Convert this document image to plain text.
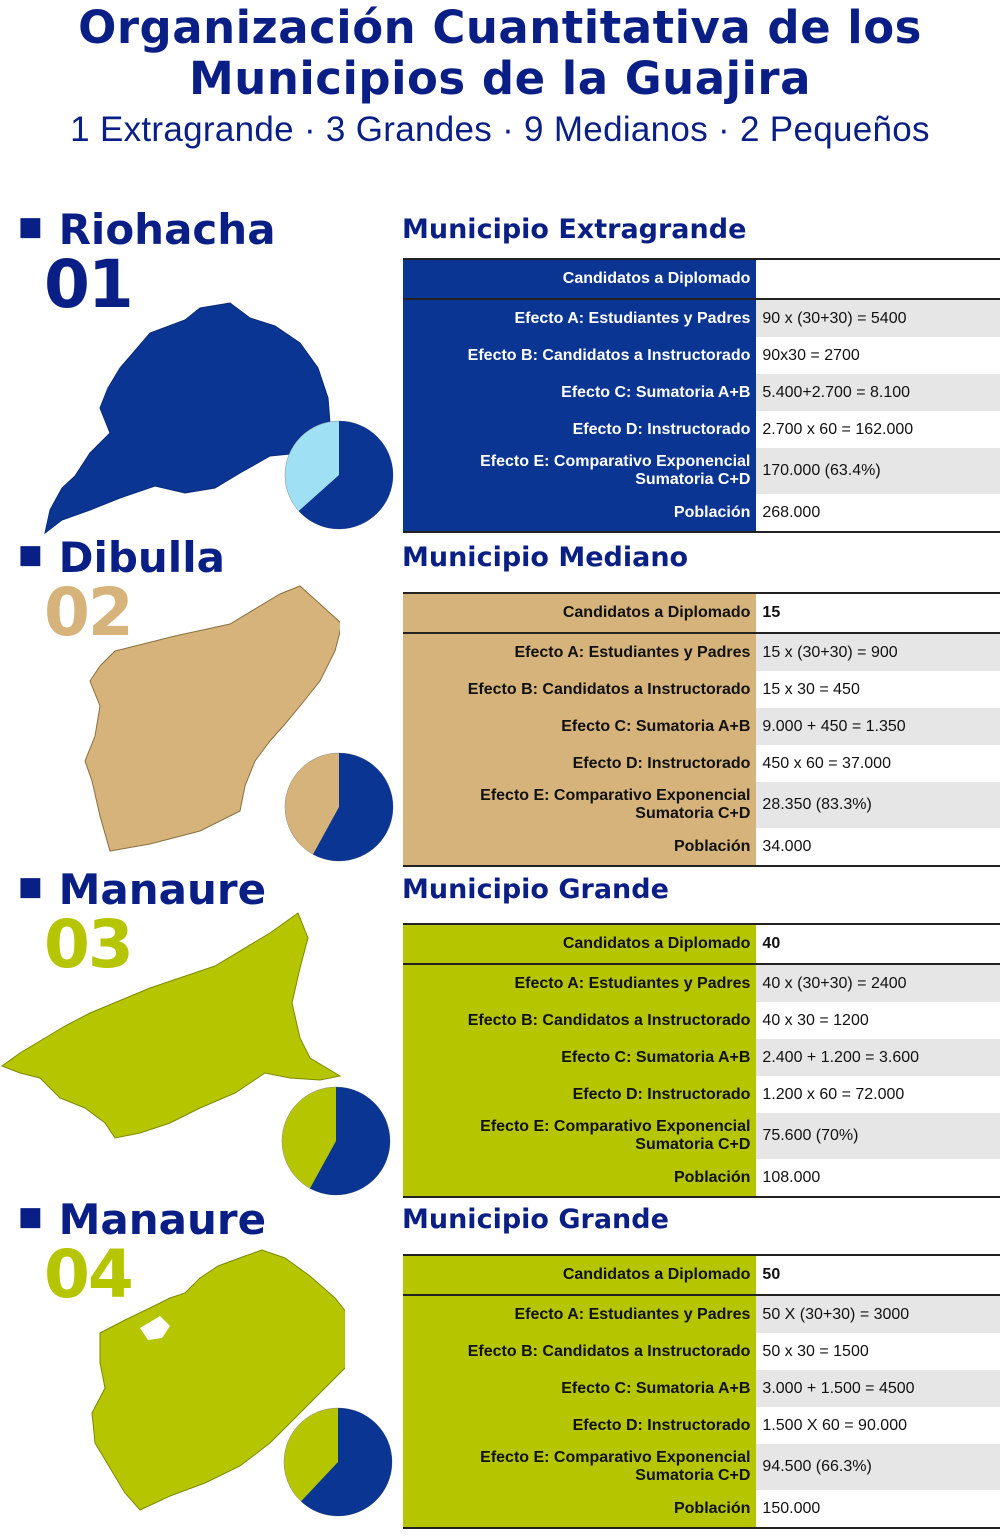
Organización Cuantitativa de los
Municipios de la Guajira
1 Extragrande · 3 Grandes · 9 Medianos · 2 Pequeños
■ Riohacha
01
Municipio Extragrande
Candidatos a Diplomado	90
Efecto A: Estudiantes y Padres	90 x (30+30) = 5400
Efecto B: Candidatos a Instructorado	90x30 = 2700
Efecto C: Sumatoria A+B	5.400+2.700 = 8.100
Efecto D: Instructorado	2.700 x 60 = 162.000

Efecto E: Comparativo Exponencial
Sumatoria C+D	170.000 (63.4%)
Población	268.000
■ Dibulla
02
Municipio Mediano
Candidatos a Diplomado	15
Efecto A: Estudiantes y Padres	15 x (30+30) = 900
Efecto B: Candidatos a Instructorado	15 x 30 = 450
Efecto C: Sumatoria A+B	9.000 + 450 = 1.350
Efecto D: Instructorado	450 x 60 = 37.000

Efecto E: Comparativo Exponencial
Sumatoria C+D	28.350 (83.3%)
Población	34.000
■ Manaure
03
Municipio Grande
Candidatos a Diplomado	40
Efecto A: Estudiantes y Padres	40 x (30+30) = 2400
Efecto B: Candidatos a Instructorado	40 x 30 = 1200
Efecto C: Sumatoria A+B	2.400 + 1.200 = 3.600
Efecto D: Instructorado	1.200 x 60 = 72.000

Efecto E: Comparativo Exponencial
Sumatoria C+D	75.600 (70%)
Población	108.000
■ Manaure
04
Municipio Grande
Candidatos a Diplomado	50
Efecto A: Estudiantes y Padres	50 X (30+30) = 3000
Efecto B: Candidatos a Instructorado	50 x 30 = 1500
Efecto C: Sumatoria A+B	3.000 + 1.500 = 4500
Efecto D: Instructorado	1.500 X 60 = 90.000

Efecto E: Comparativo Exponencial
Sumatoria C+D	94.500 (66.3%)
Población	150.000
